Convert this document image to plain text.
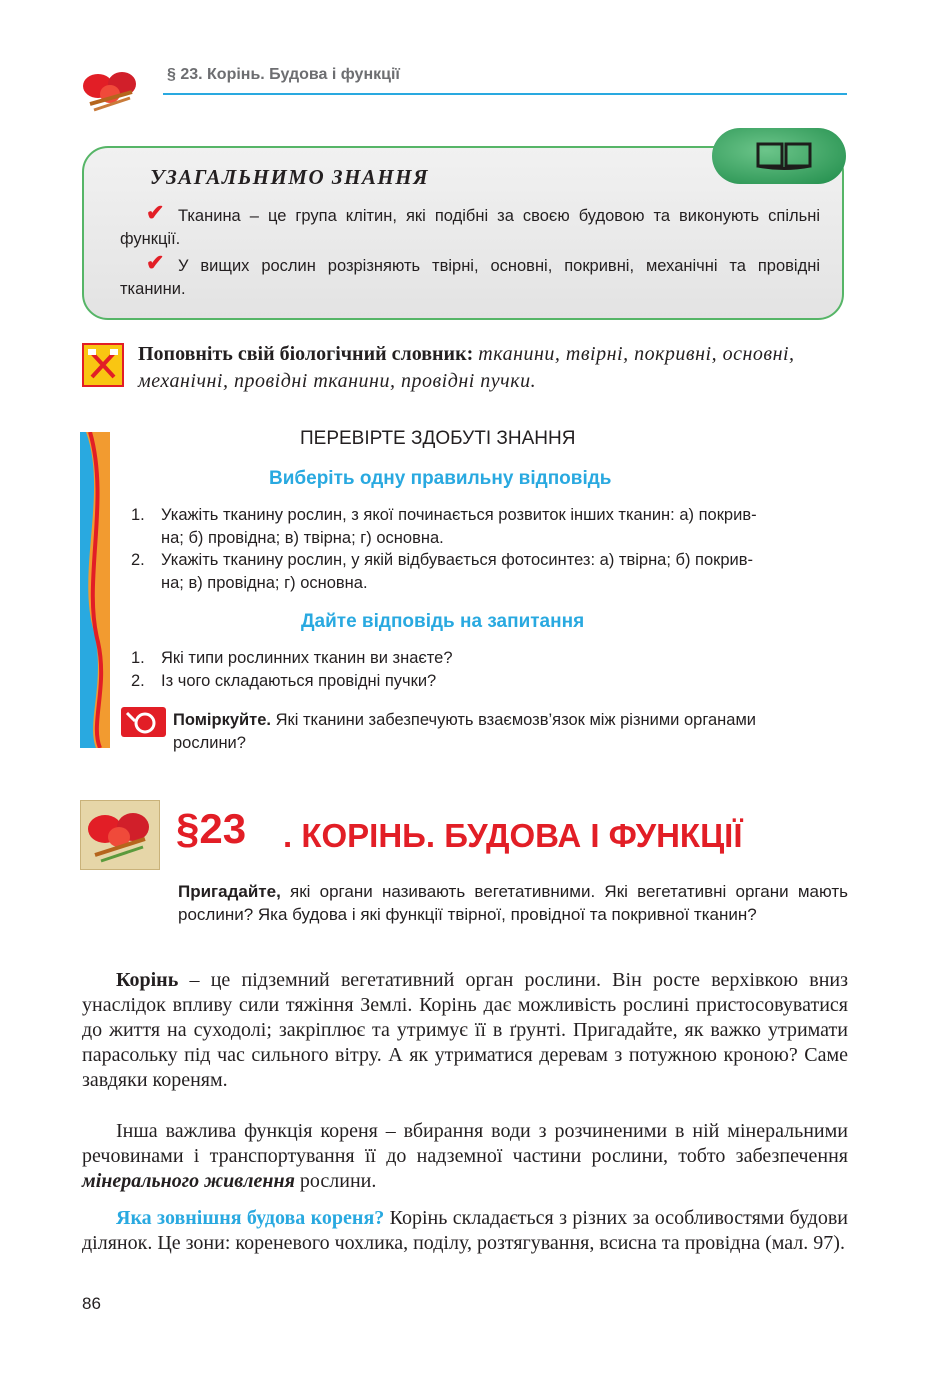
§ 23. Корінь. Будова і функції
УЗАГАЛЬНИМО ЗНАННЯ
✔ Тканина – це група клітин, які подібні за своєю будовою та виконують спільні функції.
✔ У вищих рослин розрізняють твірні, основні, покривні, механічні та провідні тканини.
Поповніть свій біологічний словник: тканини, твірні, покривні, основні, механічні, провідні тканини, провідні пучки.
ПЕРЕВІРТЕ ЗДОБУТІ ЗНАННЯ
Виберіть одну правильну відповідь
1. Укажіть тканину рослин, з якої починається розвиток інших тканин: а) покрив-
на; б) провідна; в) твірна; г) основна.
2. Укажіть тканину рослин, у якій відбувається фотосинтез: а) твірна; б) покрив-
на; в) провідна; г) основна.
Дайте відповідь на запитання
1. Які типи рослинних тканин ви знаєте?
2. Із чого складаються провідні пучки?
Поміркуйте. Які тканини забезпечують взаємозв’язок між різними органами
рослини?
§23 . КОРІНЬ. БУДОВА І ФУНКЦІЇ
Пригадайте, які органи називають вегетативними. Які вегетативні органи мають рослини? Яка будова і які функції твірної, провідної та покривної тканин?
Корінь – це підземний вегетативний орган рослини. Він росте верхівкою вниз унаслідок впливу сили тяжіння Землі. Корінь дає можливість рослині пристосовуватися до життя на суходолі; закріплює та утримує її в ґрунті. Пригадайте, як важко утримати парасольку під час сильного вітру. А як утриматися деревам з потужною кроною? Саме завдяки кореням.
Інша важлива функція кореня – вбирання води з розчиненими в ній мінеральними речовинами і транспортування її до надземної частини рослини, тобто забезпечення мінерального живлення рослини.
Яка зовнішня будова кореня? Корінь складається з різних за особливостями будови ділянок. Це зони: кореневого чохлика, поділу, розтягування, всисна та провідна (мал. 97).
86
